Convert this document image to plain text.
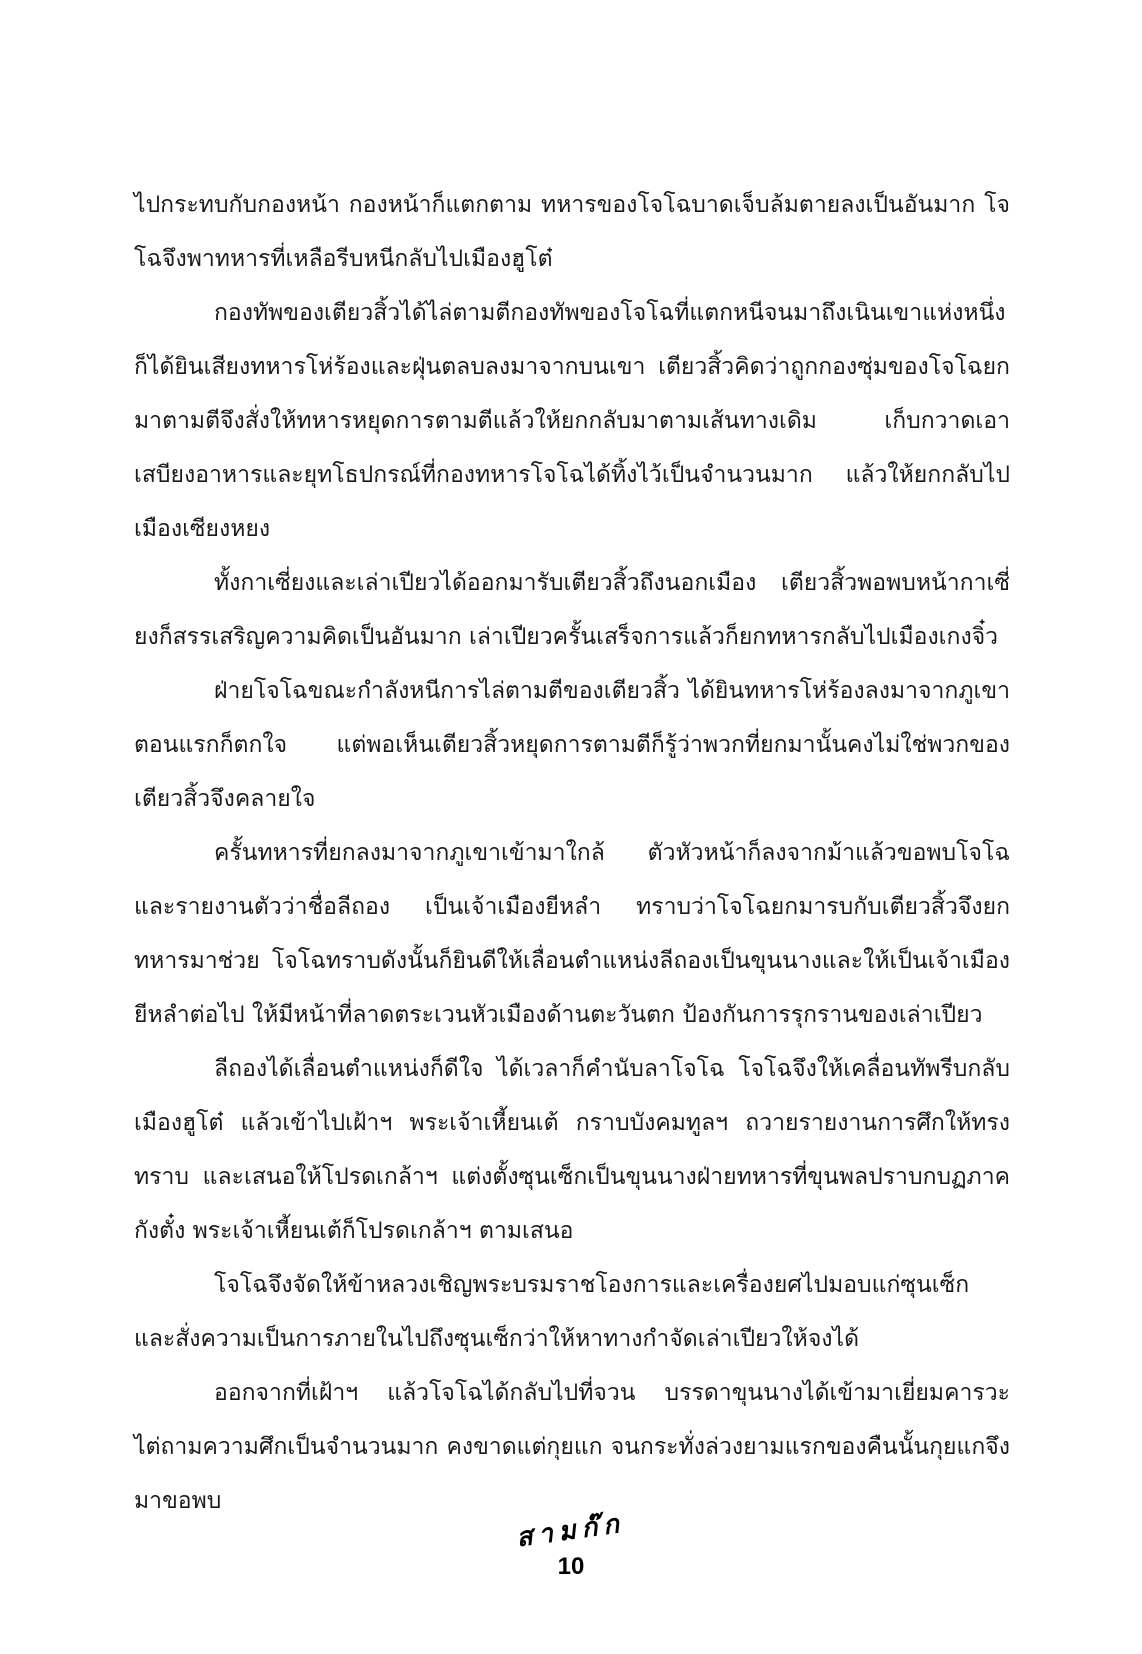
ไปกระทบกับกองหน้า กองหน้าก็แตกตาม ทหารของโจโฉบาดเจ็บล้มตายลงเป็นอันมาก โจโฉจึงพาทหารที่เหลือรีบหนีกลับไปเมืองฮูโต๋

กองทัพของเตียวสิ้วได้ไล่ตามตีกองทัพของโจโฉที่แตกหนีจนมาถึงเนินเขาแห่งหนึ่ง ก็ได้ยินเสียงทหารโห่ร้องและฝุ่นตลบลงมาจากบนเขา เตียวสิ้วคิดว่าถูกกองซุ่มของโจโฉยกมาตามตีจึงสั่งให้ทหารหยุดการตามตีแล้วให้ยกกลับมาตามเส้นทางเดิม เก็บกวาดเอาเสบียงอาหารและยุทโธปกรณ์ที่กองทหารโจโฉได้ทิ้งไว้เป็นจำนวนมาก แล้วให้ยกกลับไปเมืองเซียงหยง

ทั้งกาเซี่ยงและเล่าเปียวได้ออกมารับเตียวสิ้วถึงนอกเมือง เตียวสิ้วพอพบหน้ากาเซี่ยงก็สรรเสริญความคิดเป็นอันมาก เล่าเปียวครั้นเสร็จการแล้วก็ยกทหารกลับไปเมืองเกงจิ๋ว

ฝ่ายโจโฉขณะกำลังหนีการไล่ตามตีของเตียวสิ้ว ได้ยินทหารโห่ร้องลงมาจากภูเขา ตอนแรกก็ตกใจ แต่พอเห็นเตียวสิ้วหยุดการตามตีก็รู้ว่าพวกที่ยกมานั้นคงไม่ใช่พวกของเตียวสิ้วจึงคลายใจ

ครั้นทหารที่ยกลงมาจากภูเขาเข้ามาใกล้ ตัวหัวหน้าก็ลงจากม้าแล้วขอพบโจโฉ และรายงานตัวว่าชื่อลีถอง เป็นเจ้าเมืองยีหลำ ทราบว่าโจโฉยกมารบกับเตียวสิ้วจึงยกทหารมาช่วย โจโฉทราบดังนั้นก็ยินดีให้เลื่อนตำแหน่งลีถองเป็นขุนนางและให้เป็นเจ้าเมืองยีหลำต่อไป ให้มีหน้าที่ลาดตระเวนหัวเมืองด้านตะวันตก ป้องกันการรุกรานของเล่าเปียว

ลีถองได้เลื่อนตำแหน่งก็ดีใจ ได้เวลาก็คำนับลาโจโฉ โจโฉจึงให้เคลื่อนทัพรีบกลับเมืองฮูโต๋ แล้วเข้าไปเฝ้าฯ พระเจ้าเหี้ยนเต้ กราบบังคมทูลฯ ถวายรายงานการศึกให้ทรงทราบ และเสนอให้โปรดเกล้าฯ แต่งตั้งซุนเซ็กเป็นขุนนางฝ่ายทหารที่ขุนพลปราบกบฏภาคกังตั๋ง พระเจ้าเหี้ยนเต้ก็โปรดเกล้าฯ ตามเสนอ

โจโฉจึงจัดให้ข้าหลวงเชิญพระบรมราชโองการและเครื่องยศไปมอบแก่ซุนเซ็ก และสั่งความเป็นการภายในไปถึงซุนเซ็กว่าให้หาทางกำจัดเล่าเปียวให้จงได้

ออกจากที่เฝ้าฯ แล้วโจโฉได้กลับไปที่จวน บรรดาขุนนางได้เข้ามาเยี่ยมคารวะ ไต่ถามความศึกเป็นจำนวนมาก คงขาดแต่กุยแก จนกระทั่งล่วงยามแรกของคืนนั้นกุยแกจึงมาขอพบ

สามก๊ก
10
